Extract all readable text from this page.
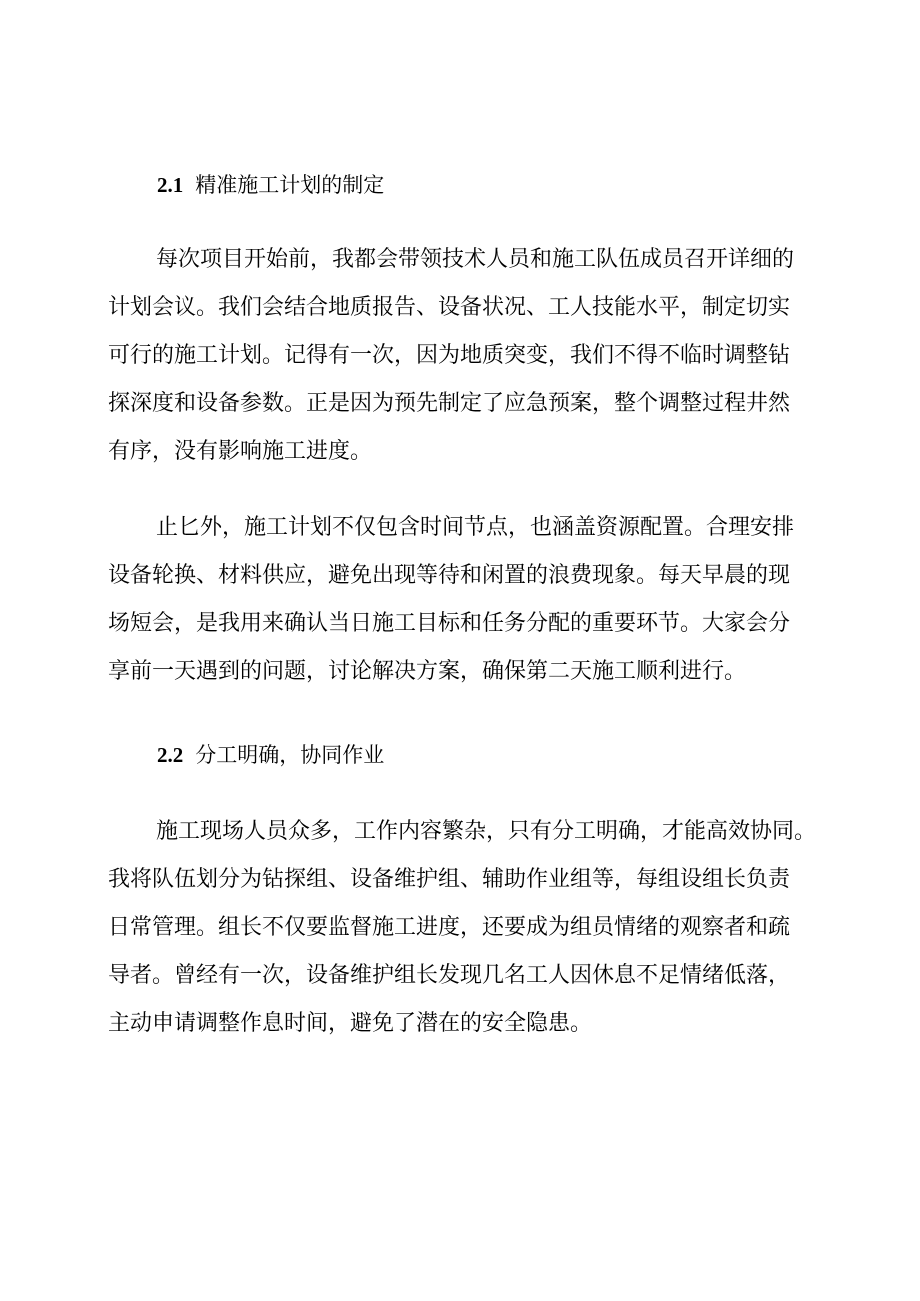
2.1 精准施工计划的制定
每次项目开始前，我都会带领技术人员和施工队伍成员召开详细的
计划会议。我们会结合地质报告、设备状况、工人技能水平，制定切实
可行的施工计划。记得有一次，因为地质突变，我们不得不临时调整钻
探深度和设备参数。正是因为预先制定了应急预案，整个调整过程井然
有序，没有影响施工进度。
止匕外，施工计划不仅包含时间节点，也涵盖资源配置。合理安排
设备轮换、材料供应，避免出现等待和闲置的浪费现象。每天早晨的现
场短会，是我用来确认当日施工目标和任务分配的重要环节。大家会分
享前一天遇到的问题，讨论解决方案，确保第二天施工顺利进行。
2.2 分工明确，协同作业
施工现场人员众多，工作内容繁杂，只有分工明确，才能高效协同。
我将队伍划分为钻探组、设备维护组、辅助作业组等，每组设组长负责
日常管理。组长不仅要监督施工进度，还要成为组员情绪的观察者和疏
导者。曾经有一次，设备维护组长发现几名工人因休息不足情绪低落，
主动申请调整作息时间，避免了潜在的安全隐患。
